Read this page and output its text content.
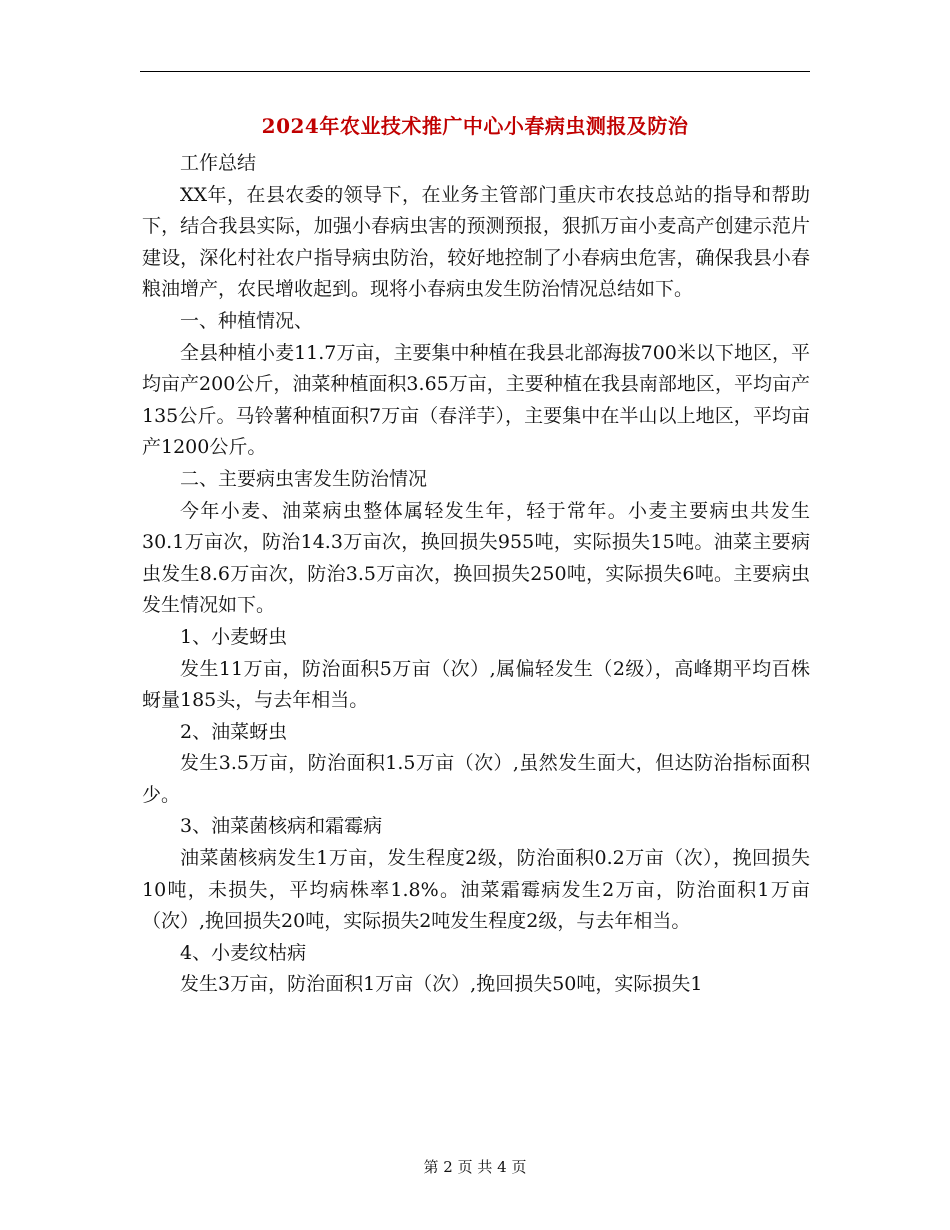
2024年农业技术推广中心小春病虫测报及防治

工作总结

XX年，在县农委的领导下，在业务主管部门重庆市农技总站的指导和帮助下，结合我县实际，加强小春病虫害的预测预报，狠抓万亩小麦高产创建示范片建设，深化村社农户指导病虫防治，较好地控制了小春病虫危害，确保我县小春粮油增产，农民增收起到。现将小春病虫发生防治情况总结如下。

一、种植情况、

全县种植小麦11.7万亩，主要集中种植在我县北部海拔700米以下地区，平均亩产200公斤，油菜种植面积3.65万亩，主要种植在我县南部地区，平均亩产135公斤。马铃薯种植面积7万亩（春洋芋），主要集中在半山以上地区，平均亩产1200公斤。

二、主要病虫害发生防治情况

今年小麦、油菜病虫整体属轻发生年，轻于常年。小麦主要病虫共发生30.1万亩次，防治14.3万亩次，换回损失955吨，实际损失15吨。油菜主要病虫发生8.6万亩次，防治3.5万亩次，换回损失250吨，实际损失6吨。主要病虫发生情况如下。

1、小麦蚜虫

发生11万亩，防治面积5万亩（次）,属偏轻发生（2级），高峰期平均百株蚜量185头，与去年相当。

2、油菜蚜虫

发生3.5万亩，防治面积1.5万亩（次）,虽然发生面大，但达防治指标面积少。

3、油菜菌核病和霜霉病

油菜菌核病发生1万亩，发生程度2级，防治面积0.2万亩（次），挽回损失10吨，未损失，平均病株率1.8%。油菜霜霉病发生2万亩，防治面积1万亩（次）,挽回损失20吨，实际损失2吨发生程度2级，与去年相当。

4、小麦纹枯病

发生3万亩，防治面积1万亩（次）,挽回损失50吨，实际损失1

第 2 页 共 4 页
